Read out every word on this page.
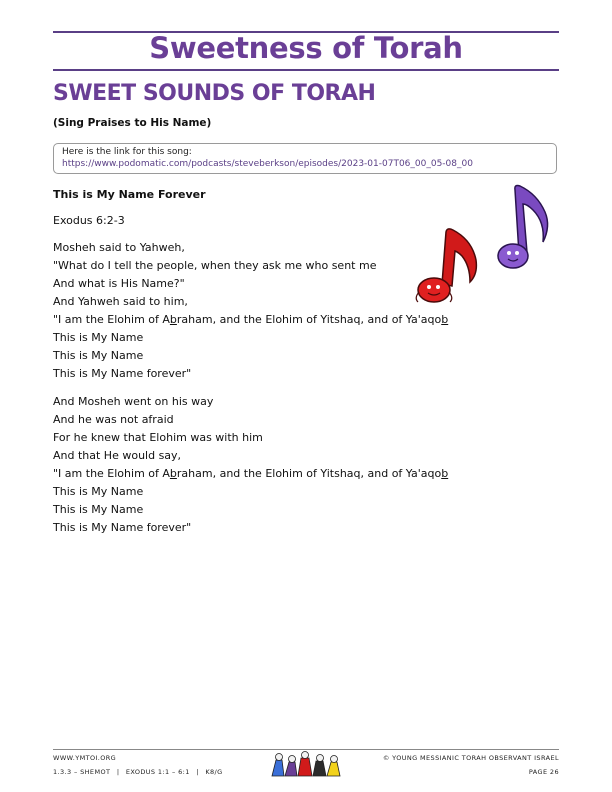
Sweetness of Torah
SWEET SOUNDS OF TORAH
(Sing Praises to His Name)
Here is the link for this song:
https://www.podomatic.com/podcasts/steveberkson/episodes/2023-01-07T06_00_05-08_00
This is My Name Forever
Exodus 6:2-3
Mosheh said to Yahweh,
"What do I tell the people, when they ask me who sent me
And what is His Name?"
And Yahweh said to him,
"I am the Elohim of Abraham, and the Elohim of Yitshaq, and of Ya'aqob
This is My Name
This is My Name
This is My Name forever"
And Mosheh went on his way
And he was not afraid
For he knew that Elohim was with him
And that He would say,
"I am the Elohim of Abraham, and the Elohim of Yitshaq, and of Ya'aqob
This is My Name
This is My Name
This is My Name forever"
WWW.YMTOI.ORG
1.3.3 – SHEMOT | EXODUS 1:1 – 6:1 | K8/G
© YOUNG MESSIANIC TORAH OBSERVANT ISRAEL
PAGE 26
